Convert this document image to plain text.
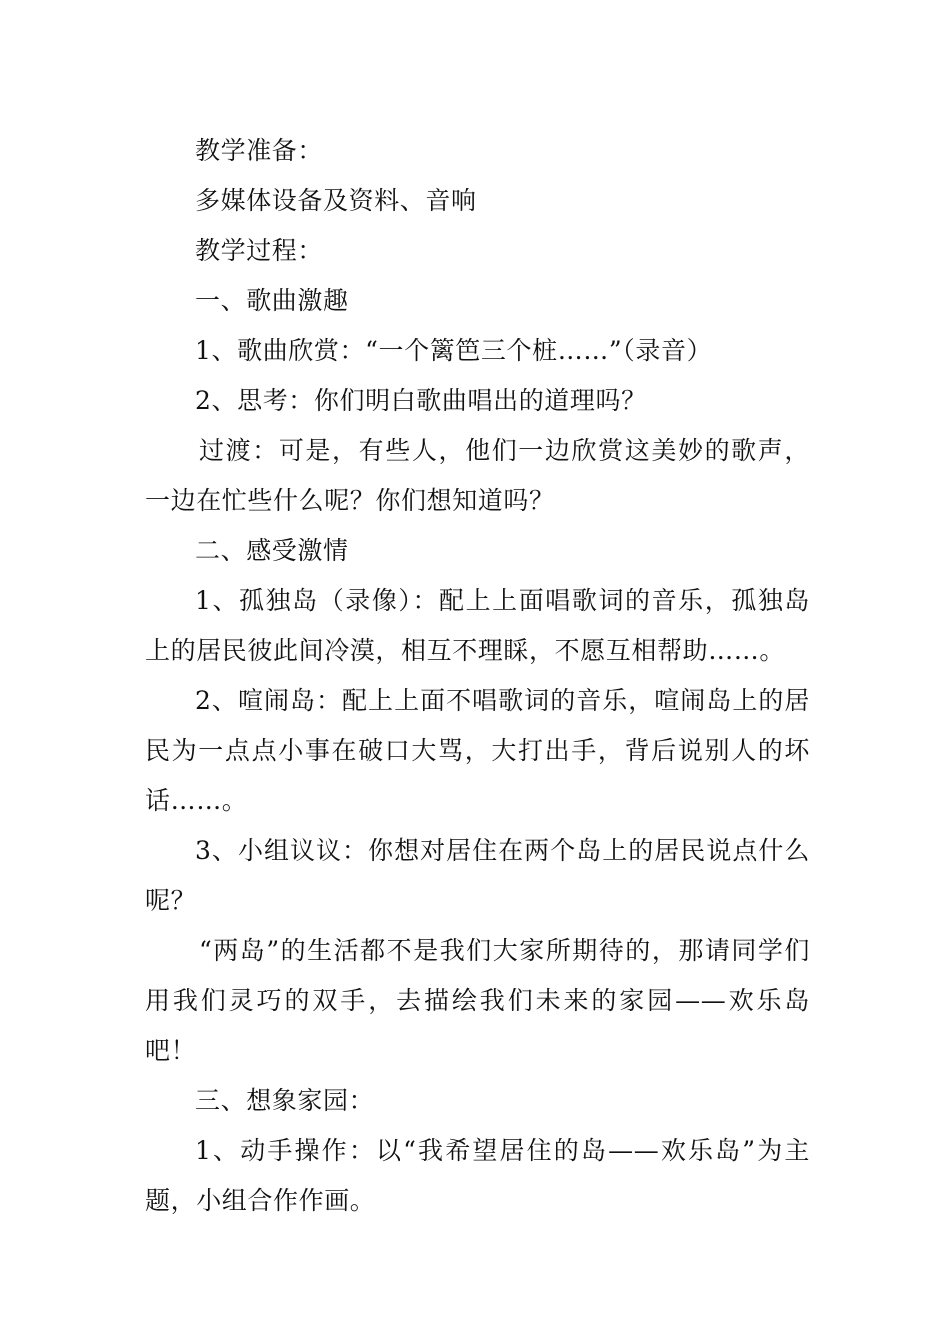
教学准备：

多媒体设备及资料、音响

教学过程：

一、歌曲激趣

1、歌曲欣赏：“一个篱笆三个桩……”（录音）

2、思考：你们明白歌曲唱出的道理吗？

过渡：可是，有些人，他们一边欣赏这美妙的歌声，一边在忙些什么呢？你们想知道吗？

二、感受激情

1、孤独岛（录像）：配上上面唱歌词的音乐，孤独岛上的居民彼此间冷漠，相互不理睬，不愿互相帮助……。

2、喧闹岛：配上上面不唱歌词的音乐，喧闹岛上的居民为一点点小事在破口大骂，大打出手，背后说别人的坏话……。

3、小组议议：你想对居住在两个岛上的居民说点什么呢？

“两岛”的生活都不是我们大家所期待的，那请同学们用我们灵巧的双手，去描绘我们未来的家园——欢乐岛吧！

三、想象家园：

1、动手操作：以“我希望居住的岛——欢乐岛”为主题，小组合作作画。
